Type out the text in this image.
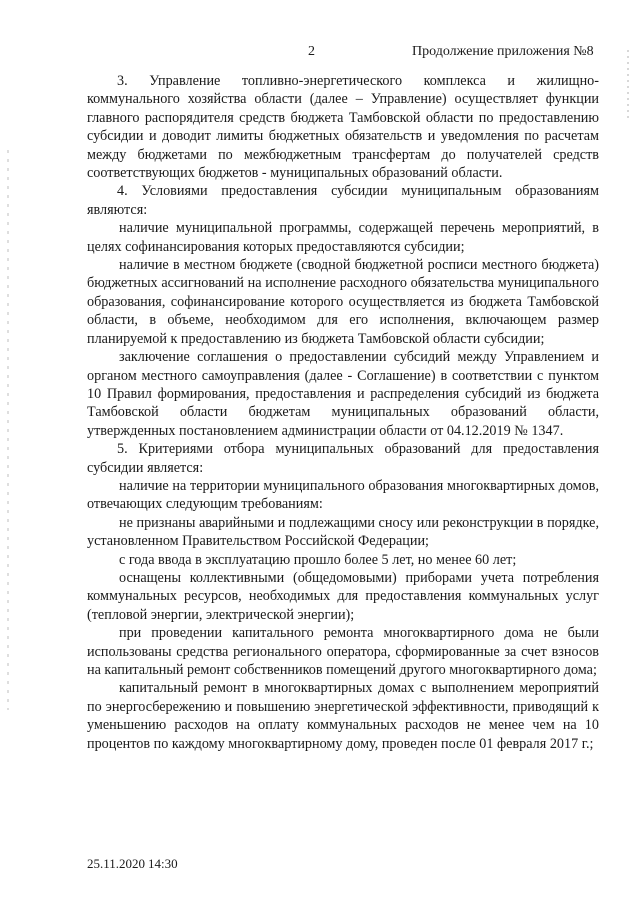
2	Продолжение приложения №8

3. Управление топливно-энергетического комплекса и жилищно-коммунального хозяйства области (далее – Управление) осуществляет функции главного распорядителя средств бюджета Тамбовской области по предоставлению субсидии и доводит лимиты бюджетных обязательств и уведомления по расчетам между бюджетами по межбюджетным трансфертам до получателей средств соответствующих бюджетов - муниципальных образований области.

4. Условиями предоставления субсидии муниципальным образованиям являются:

наличие муниципальной программы, содержащей перечень мероприятий, в целях софинансирования которых предоставляются субсидии;

наличие в местном бюджете (сводной бюджетной росписи местного бюджета) бюджетных ассигнований на исполнение расходного обязательства муниципального образования, софинансирование которого осуществляется из бюджета Тамбовской области, в объеме, необходимом для его исполнения, включающем размер планируемой к предоставлению из бюджета Тамбовской области субсидии;

заключение соглашения о предоставлении субсидий между Управлением и органом местного самоуправления (далее - Соглашение) в соответствии с пунктом 10 Правил формирования, предоставления и распределения субсидий из бюджета Тамбовской области бюджетам муниципальных образований области, утвержденных постановлением администрации области от 04.12.2019 № 1347.

5. Критериями отбора муниципальных образований для предоставления субсидии является:

наличие на территории муниципального образования многоквартирных домов, отвечающих следующим требованиям:

не признаны аварийными и подлежащими сносу или реконструкции в порядке, установленном Правительством Российской Федерации;

с года ввода в эксплуатацию прошло более 5 лет, но менее 60 лет;

оснащены коллективными (общедомовыми) приборами учета потребления коммунальных ресурсов, необходимых для предоставления коммунальных услуг (тепловой энергии, электрической энергии);

при проведении капитального ремонта многоквартирного дома не были использованы средства регионального оператора, сформированные за счет взносов на капитальный ремонт собственников помещений другого многоквартирного дома;

капитальный ремонт в многоквартирных домах с выполнением мероприятий по энергосбережению и повышению энергетической эффективности, приводящий к уменьшению расходов на оплату коммунальных расходов не менее чем на 10 процентов по каждому многоквартирному дому, проведен после 01 февраля 2017 г.;

25.11.2020 14:30
